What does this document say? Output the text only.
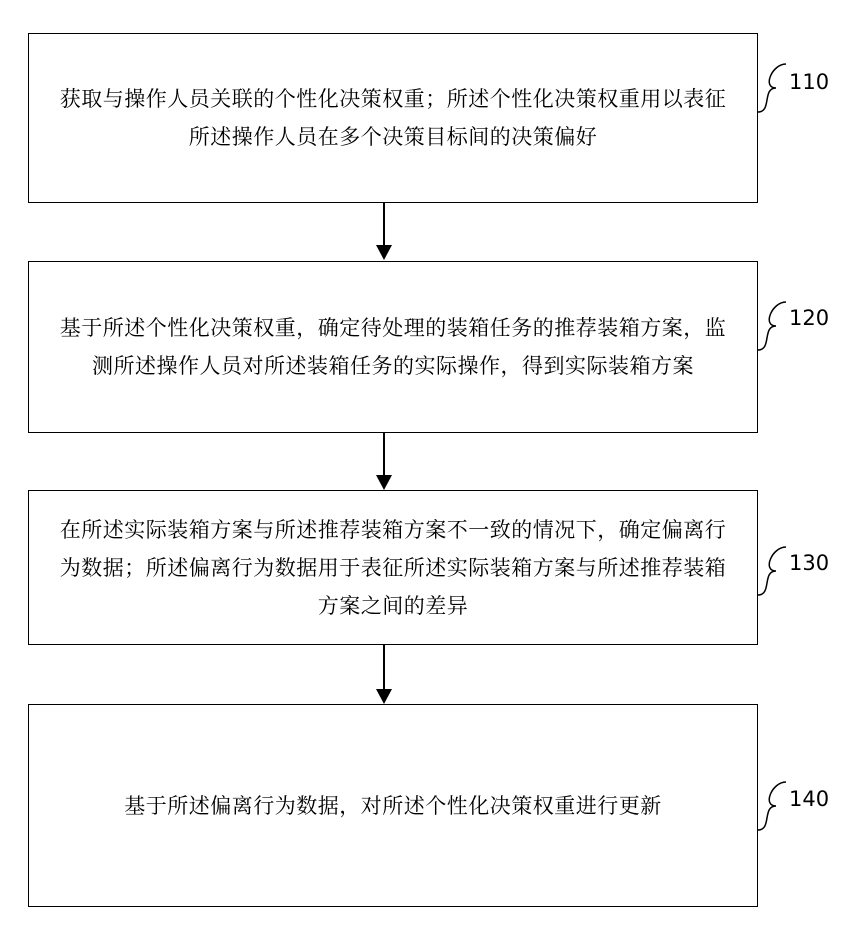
获取与操作人员关联的个性化决策权重；所述个性化决策权重用以表征所述操作人员在多个决策目标间的决策偏好
110
基于所述个性化决策权重，确定待处理的装箱任务的推荐装箱方案，监测所述操作人员对所述装箱任务的实际操作，得到实际装箱方案
120
在所述实际装箱方案与所述推荐装箱方案不一致的情况下，确定偏离行为数据；所述偏离行为数据用于表征所述实际装箱方案与所述推荐装箱方案之间的差异
130
基于所述偏离行为数据，对所述个性化决策权重进行更新	140
